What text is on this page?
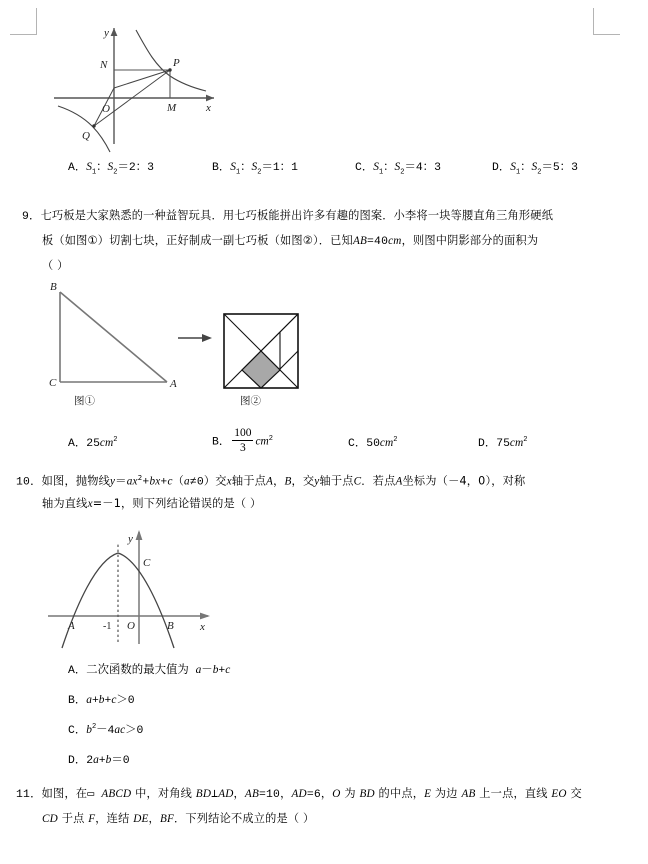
y
x
P
N
M
O
Q
A．$S_1$：$S_2=2$：3	B．$S_1$：$S_2=1$：1	C．$S_1$：$S_2=4$：3	D．$S_1$：$S_2=5$：3
9．七巧板是大家熟悉的一种益智玩具．用七巧板能拼出许多有趣的图案．小李将一块等腰直角三角形硬纸
板（如图①）切割七块，正好制成一副七巧板（如图②）．已知AB=40cm，则图中阴影部分的面积为
（ ）
B
C	A
图①	图②
A．$25cm^2$	B． $\frac{100}{3} cm^2$	C．$50cm^2$	D．$75cm^2$
10．如图，抛物线$y=ax^2+bx+c(a\ne 0)$交x轴于点A，B，交y轴于点C．若点A坐标为（－4，0），对称
轴为直线x=－1，则下列结论错误的是（ ）
y
x
C
A	B
-1 O
A．二次函数的最大值为 a－b+c
B．a+b+c＞0
C．$b^2-4ac>0$
D．2a+b＝0
11．如图，在▭ ABCD 中，对角线 BD⊥AD，AB=10，AD=6，O 为 BD 的中点，E 为边 AB 上一点，直线 EO 交
CD 于点 F，连结 DE，BF．下列结论不成立的是（ ）
